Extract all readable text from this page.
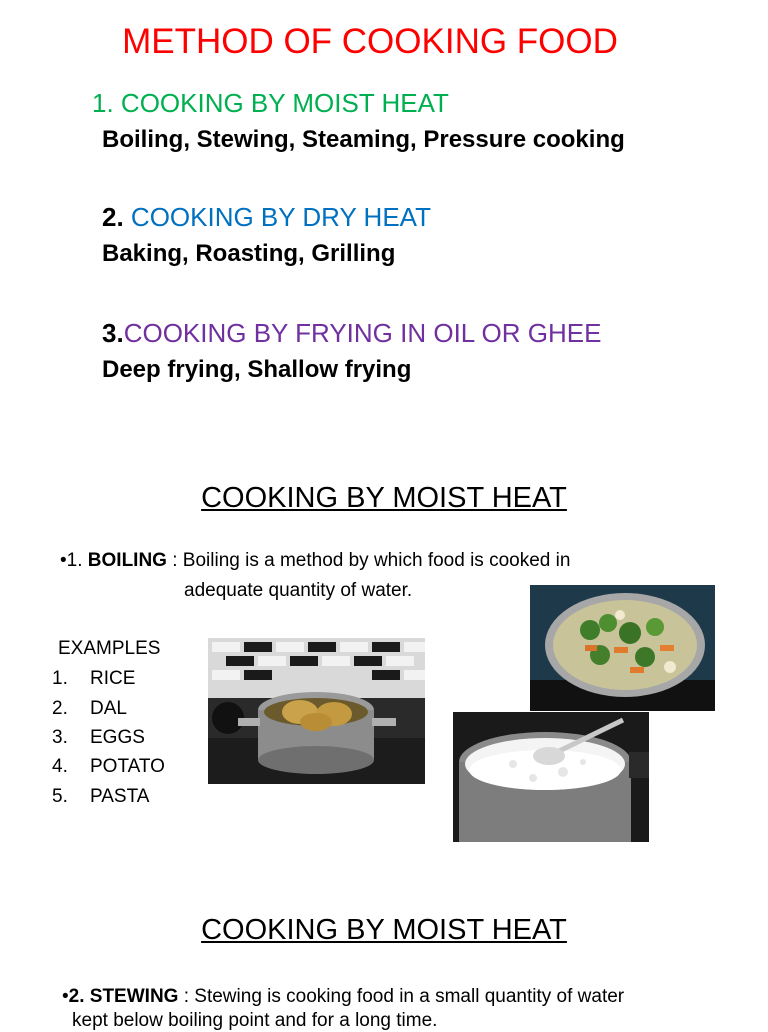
METHOD OF COOKING FOOD
1. COOKING BY MOIST HEAT
Boiling, Stewing, Steaming, Pressure cooking
2. COOKING BY DRY HEAT
Baking, Roasting, Grilling
3.COOKING BY FRYING IN OIL OR GHEE
Deep frying, Shallow frying
COOKING BY MOIST HEAT
•1. BOILING : Boiling is a method by which food is cooked in
adequate quantity of water.
EXAMPLES
1. RICE
2. DAL
3. EGGS
4. POTATO
5. PASTA
COOKING BY MOIST HEAT
•2. STEWING : Stewing is cooking food in a small quantity of water
kept below boiling point and for a long time.
